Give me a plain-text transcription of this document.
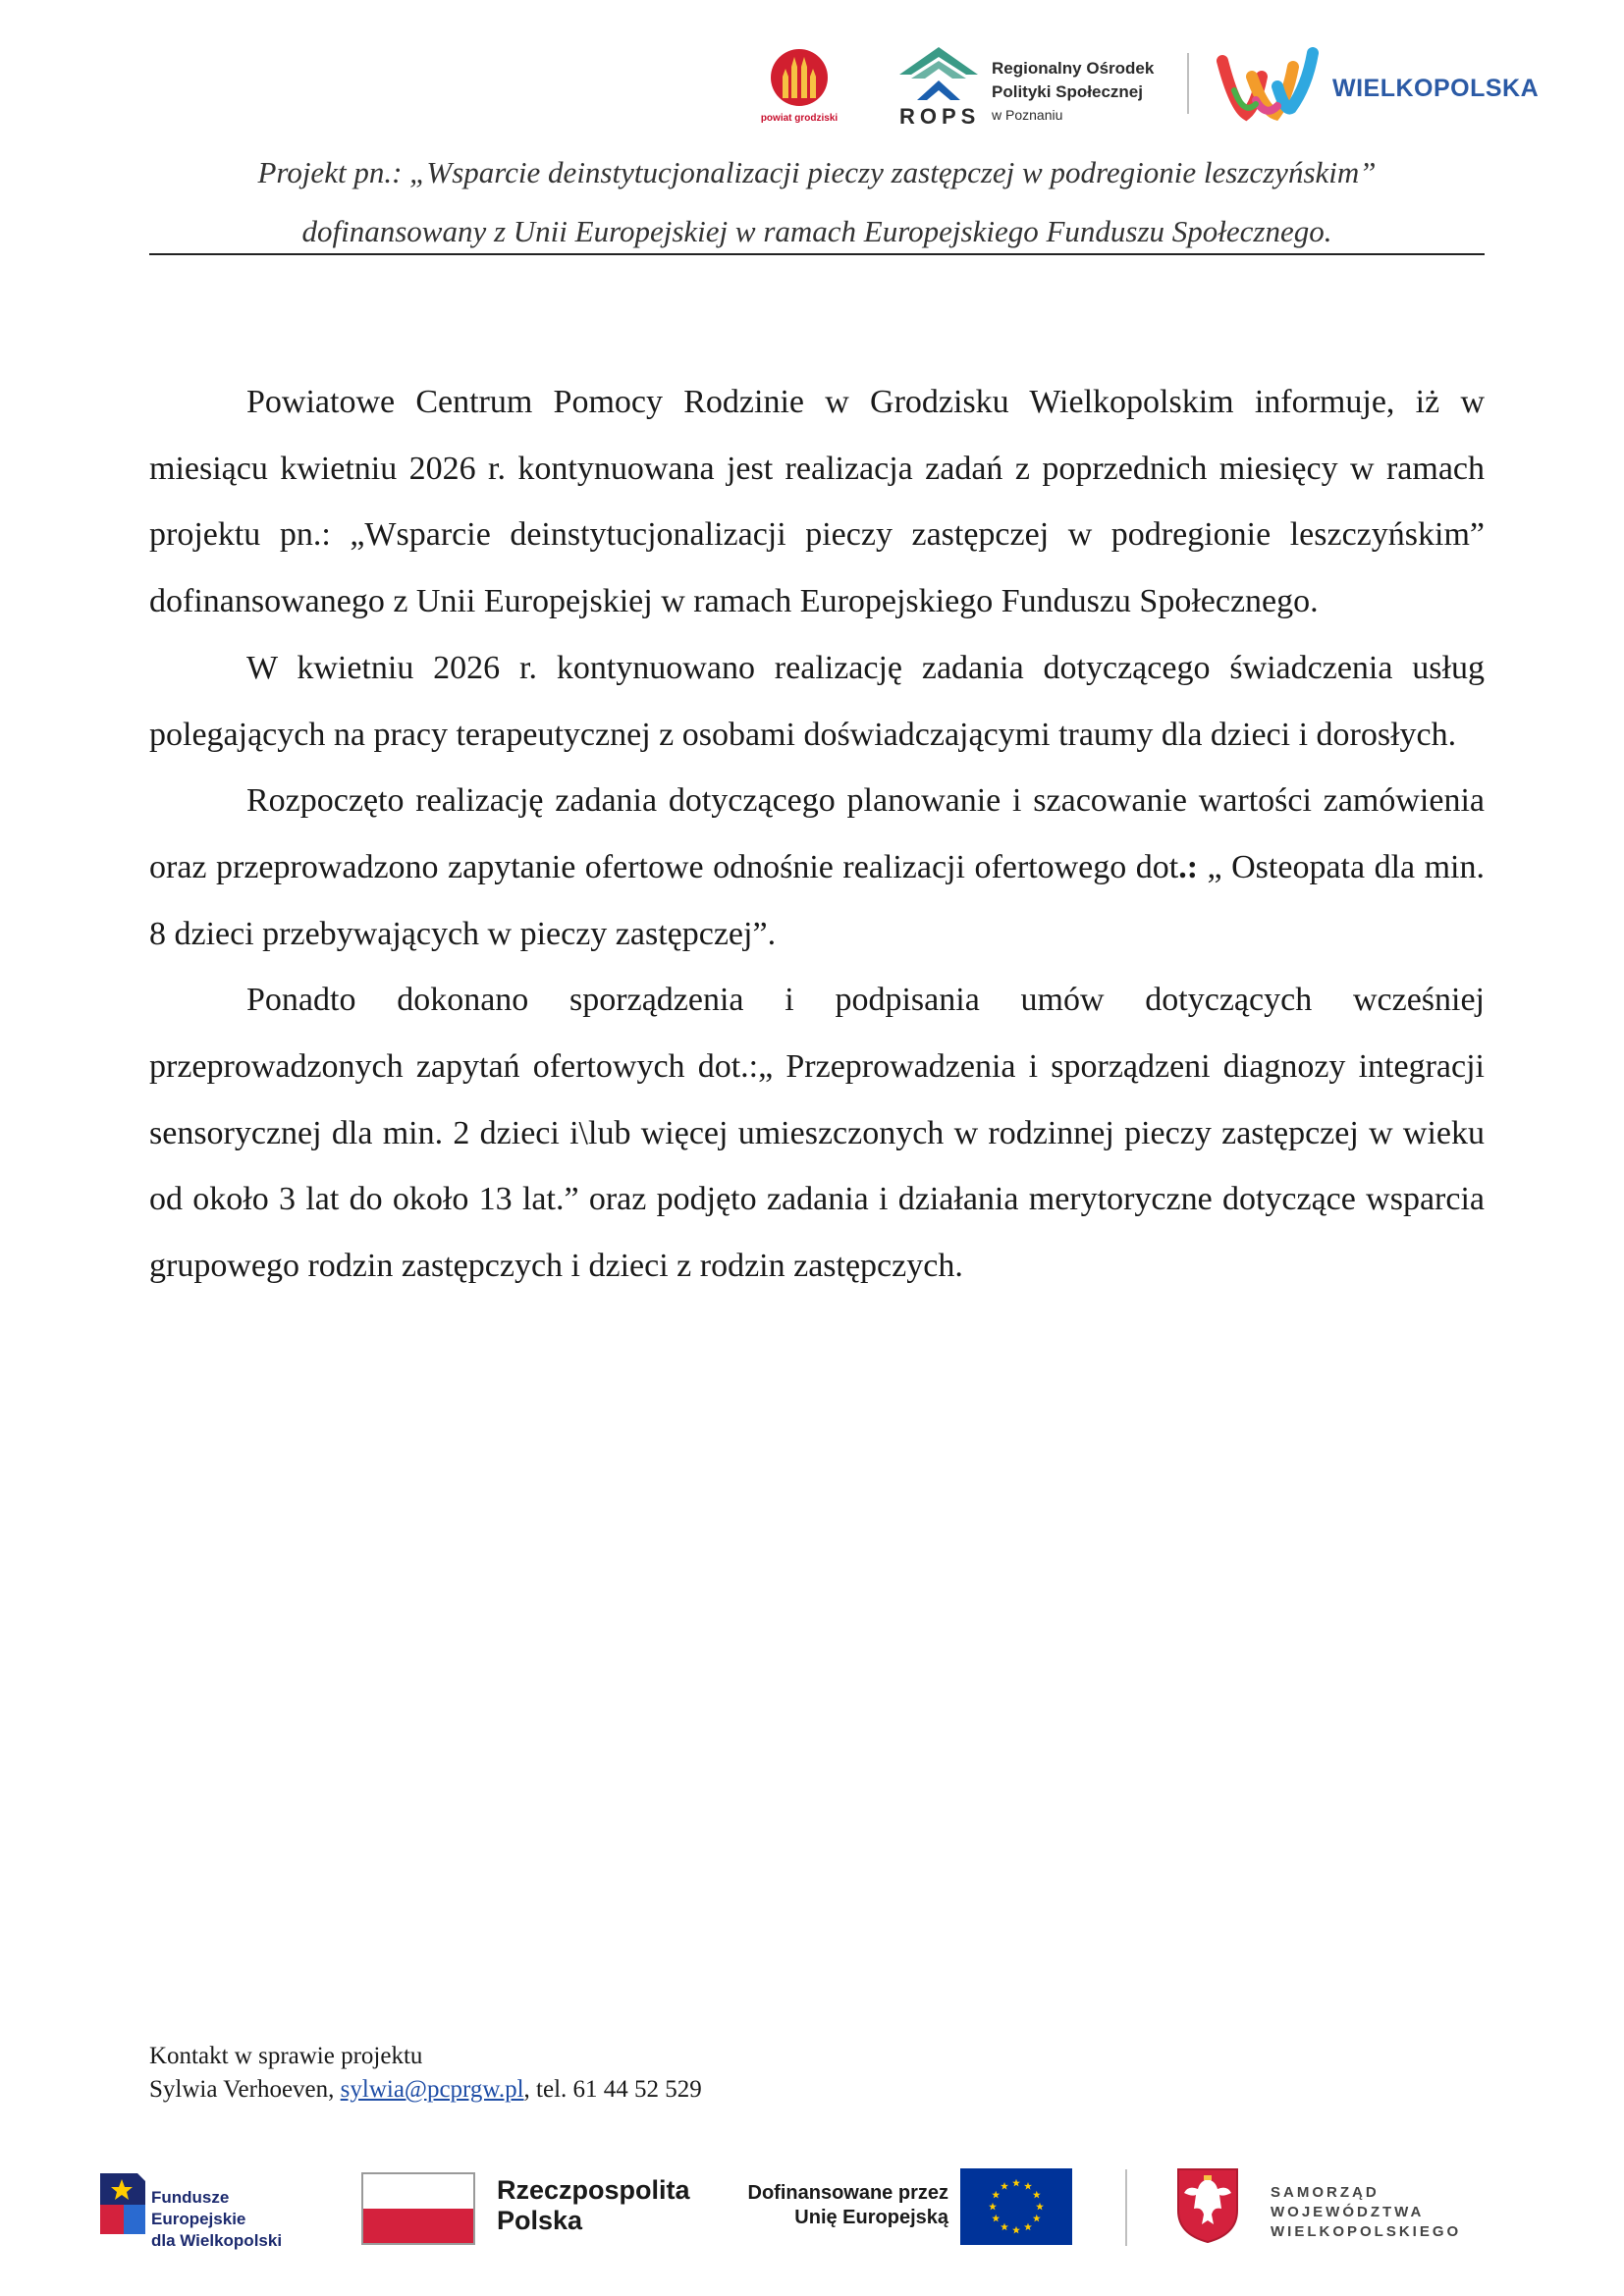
powiat grodziski	ROPS
Regionalny Ośrodek
Polityki Społecznej
w Poznaniu
WIELKOPOLSKA
Projekt pn.: „Wsparcie deinstytucjonalizacji pieczy zastępczej w podregionie leszczyńskim”
dofinansowany z Unii Europejskiej w ramach Europejskiego Funduszu Społecznego.

Powiatowe Centrum Pomocy Rodzinie w Grodzisku Wielkopolskim informuje, iż w miesiącu kwietniu 2026 r. kontynuowana jest realizacja zadań z poprzednich miesięcy w ramach projektu pn.: „Wsparcie deinstytucjonalizacji pieczy zastępczej w podregionie leszczyńskim” dofinansowanego z Unii Europejskiej w ramach Europejskiego Funduszu Społecznego.

W kwietniu 2026 r. kontynuowano realizację zadania dotyczącego świadczenia usług polegających na pracy terapeutycznej z osobami doświadczającymi traumy dla dzieci i dorosłych.

Rozpoczęto realizację zadania dotyczącego planowanie i szacowanie wartości zamówienia oraz przeprowadzono zapytanie ofertowe odnośnie realizacji ofertowego dot.: „ Osteopata dla min. 8 dzieci przebywających w pieczy zastępczej”.

Ponadto dokonano sporządzenia i podpisania umów dotyczących wcześniej przeprowadzonych zapytań ofertowych dot.:„ Przeprowadzenia i sporządzeni diagnozy integracji sensorycznej dla min. 2 dzieci i\lub więcej umieszczonych w rodzinnej pieczy zastępczej w wieku od około 3 lat do około 13 lat.” oraz podjęto zadania i działania merytoryczne dotyczące wsparcia grupowego rodzin zastępczych i dzieci z rodzin zastępczych.

Kontakt w sprawie projektu
Sylwia Verhoeven, sylwia@pcprgw.pl, tel. 61 44 52 529
Fundusze Europejskie
dla Wielkopolski
Rzeczpospolita
Polska
Dofinansowane przez
Unię Europejską
SAMORZĄD
WOJEWÓDZTWA
WIELKOPOLSKIEGO
